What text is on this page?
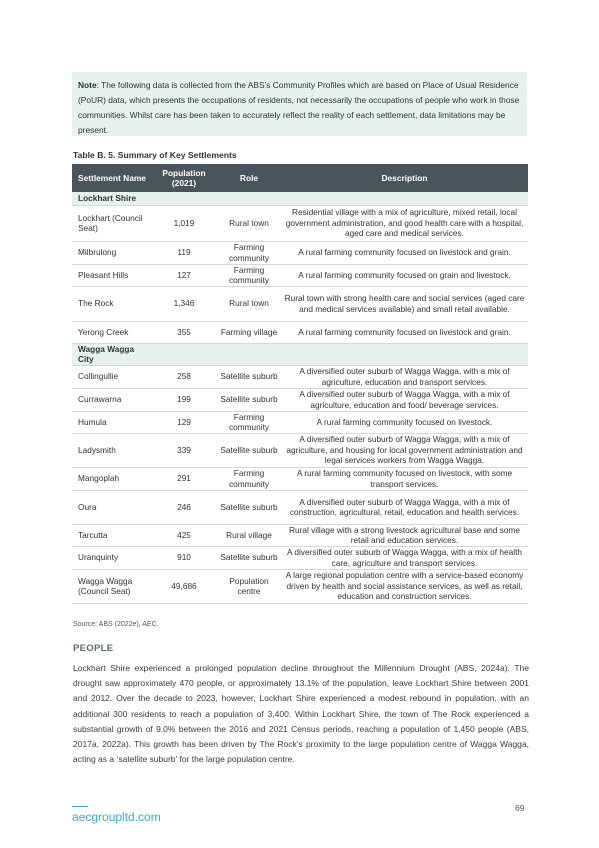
Note: The following data is collected from the ABS’s Community Profiles which are based on Place of Usual Residence (PoUR) data, which presents the occupations of residents, not necessarily the occupations of people who work in those communities. Whilst care has been taken to accurately reflect the reality of each settlement, data limitations may be present.
Table B. 5. Summary of Key Settlements
Settlement Name	Population (2021)	Role	Description

Lockhart Shire			

Lockhart (Council Seat)	1,019	Rural town	Residential village with a mix of agriculture, mixed retail, local government administration, and good health care with a hospital, aged care and medical services.
Milbrulong	119	Farming community	A rural farming community focused on livestock and grain.
Pleasant Hills	127	Farming community	A rural farming community focused on grain and livestock.
The Rock	1,346	Rural town	Rural town with strong health care and social services (aged care and medical services available) and small retail available.
Yerong Creek	355	Farming village	A rural farming community focused on livestock and grain.

Wagga Wagga City			

Collingullie	258	Satellite suburb	A diversified outer suburb of Wagga Wagga, with a mix of agriculture, education and transport services.
Currawarna	199	Satellite suburb	A diversified outer suburb of Wagga Wagga, with a mix of agriculture, education and food/ beverage services.
Humula	129	Farming community	A rural farming community focused on livestock.
Ladysmith	339	Satellite suburb	A diversified outer suburb of Wagga Wagga, with a mix of agriculture, and housing for local government administration and legal services workers from Wagga Wagga.
Mangoplah	291	Farming community	A rural farming community focused on livestock, with some transport services.
Oura	246	Satellite suburb	A diversified outer suburb of Wagga Wagga, with a mix of construction, agricultural, retail, education and health services.
Tarcutta	425	Rural village	Rural village with a strong livestock agricultural base and some retail and education services.
Uranquinty	910	Satellite suburb	A diversified outer suburb of Wagga Wagga, with a mix of health care, agriculture and transport services.
Wagga Wagga (Council Seat)	49,686	Population centre	A large regional population centre with a service-based economy driven by health and social assistance services, as well as retail, education and construction services.
Source: ABS (2022e), AEC.
PEOPLE
Lockhart Shire experienced a prolonged population decline throughout the Millennium Drought (ABS, 2024a). The drought saw approximately 470 people, or approximately 13.1% of the population, leave Lockhart Shire between 2001 and 2012. Over the decade to 2023, however, Lockhart Shire experienced a modest rebound in population, with an additional 300 residents to reach a population of 3,400. Within Lockhart Shire, the town of The Rock experienced a substantial growth of 9.0% between the 2016 and 2021 Census periods, reaching a population of 1,450 people (ABS, 2017a, 2022a). This growth has been driven by The Rock’s proximity to the large population centre of Wagga Wagga, acting as a ‘satellite suburb’ for the large population centre.
aecgroupltd.com
69
